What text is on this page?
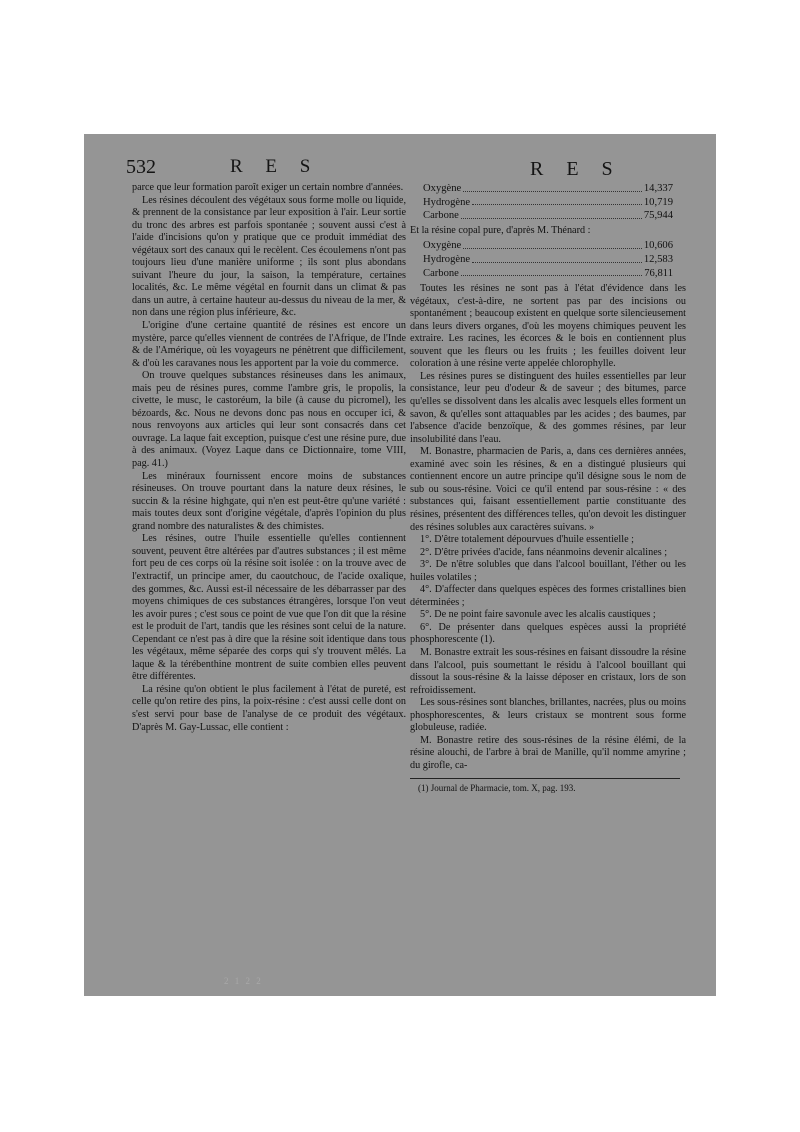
532	R E S	R E S

parce que leur formation paroît exiger un certain nombre d'années.

Les résines découlent des végétaux sous forme molle ou liquide, & prennent de la consistance par leur exposition à l'air. Leur sortie du tronc des arbres est parfois spontanée ; souvent aussi c'est à l'aide d'incisions qu'on y pratique que ce produit immédiat des végétaux sort des canaux qui le recèlent. Ces écoulemens n'ont pas toujours lieu d'une manière uniforme ; ils sont plus abondans suivant l'heure du jour, la saison, la température, certaines localités, &c. Le même végétal en fournit dans un climat & pas dans un autre, à certaine hauteur au-dessus du niveau de la mer, & non dans une région plus inférieure, &c.

L'origine d'une certaine quantité de résines est encore un mystère, parce qu'elles viennent de contrées de l'Afrique, de l'Inde & de l'Amérique, où les voyageurs ne pénètrent que difficilement, & d'où les caravanes nous les apportent par la voie du commerce.

On trouve quelques substances résineuses dans les animaux, mais peu de résines pures, comme l'ambre gris, le propolis, la civette, le musc, le castoréum, la bile (à cause du picromel), les bézoards, &c. Nous ne devons donc pas nous en occuper ici, & nous renvoyons aux articles qui leur sont consacrés dans cet ouvrage. La laque fait exception, puisque c'est une résine pure, due à des animaux. (Voyez Laque dans ce Dictionnaire, tome VIII, pag. 41.)

Les minéraux fournissent encore moins de substances résineuses. On trouve pourtant dans la nature deux résines, le succin & la résine highgate, qui n'en est peut-être qu'une variété : mais toutes deux sont d'origine végétale, d'après l'opinion du plus grand nombre des naturalistes & des chimistes.

Les résines, outre l'huile essentielle qu'elles contiennent souvent, peuvent être altérées par d'autres substances ; il est même fort peu de ces corps où la résine soit isolée : on la trouve avec de l'extractif, un principe amer, du caoutchouc, de l'acide oxalique, des gommes, &c. Aussi est-il nécessaire de les débarrasser par des moyens chimiques de ces substances étrangères, lorsque l'on veut les avoir pures ; c'est sous ce point de vue que l'on dit que la résine est le produit de l'art, tandis que les résines sont celui de la nature. Cependant ce n'est pas à dire que la résine soit identique dans tous les végétaux, même séparée des corps qui s'y trouvent mêlés. La laque & la térébenthine montrent de suite combien elles peuvent être différentes.

La résine qu'on obtient le plus facilement à l'état de pureté, est celle qu'on retire des pins, la poix-résine : c'est aussi celle dont on s'est servi pour base de l'analyse de ce produit des végétaux. D'après M. Gay-Lussac, elle contient :

Oxygène	14,337
Hydrogène	10,719
Carbone	75,944

Et la résine copal pure, d'après M. Thénard :

Oxygène	10,606
Hydrogène	12,583
Carbone	76,811

Toutes les résines ne sont pas à l'état d'évidence dans les végétaux, c'est-à-dire, ne sortent pas par des incisions ou spontanément ; beaucoup existent en quelque sorte silencieusement dans leurs divers organes, d'où les moyens chimiques peuvent les extraire. Les racines, les écorces & le bois en contiennent plus souvent que les fleurs ou les fruits ; les feuilles doivent leur coloration à une résine verte appelée chlorophylle.

Les résines pures se distinguent des huiles essentielles par leur consistance, leur peu d'odeur & de saveur ; des bitumes, parce qu'elles se dissolvent dans les alcalis avec lesquels elles forment un savon, & qu'elles sont attaquables par les acides ; des baumes, par l'absence d'acide benzoïque, & des gommes résines, par leur insolubilité dans l'eau.

M. Bonastre, pharmacien de Paris, a, dans ces dernières années, examiné avec soin les résines, & en a distingué plusieurs qui contiennent encore un autre principe qu'il désigne sous le nom de sub ou sous-résine. Voici ce qu'il entend par sous-résine : « des substances qui, faisant essentiellement partie constituante des résines, présentent des différences telles, qu'on devoit les distinguer des résines solubles aux caractères suivans. »

1°. D'être totalement dépourvues d'huile essentielle ;

2°. D'être privées d'acide, fans néanmoins devenir alcalines ;

3°. De n'être solubles que dans l'alcool bouillant, l'éther ou les huiles volatiles ;

4°. D'affecter dans quelques espèces des formes cristallines bien déterminées ;

5°. De ne point faire savonule avec les alcalis caustiques ;

6°. De présenter dans quelques espèces aussi la propriété phosphorescente (1).

M. Bonastre extrait les sous-résines en faisant dissoudre la résine dans l'alcool, puis soumettant le résidu à l'alcool bouillant qui dissout la sous-résine & la laisse déposer en cristaux, lors de son refroidissement.

Les sous-résines sont blanches, brillantes, nacrées, plus ou moins phosphorescentes, & leurs cristaux se montrent sous forme globuleuse, radiée.

M. Bonastre retire des sous-résines de la résine élémi, de la résine alouchi, de l'arbre à brai de Manille, qu'il nomme amyrine ; du girofle, ca-

(1) Journal de Pharmacie, tom. X, pag. 193.

2 1 2 2
